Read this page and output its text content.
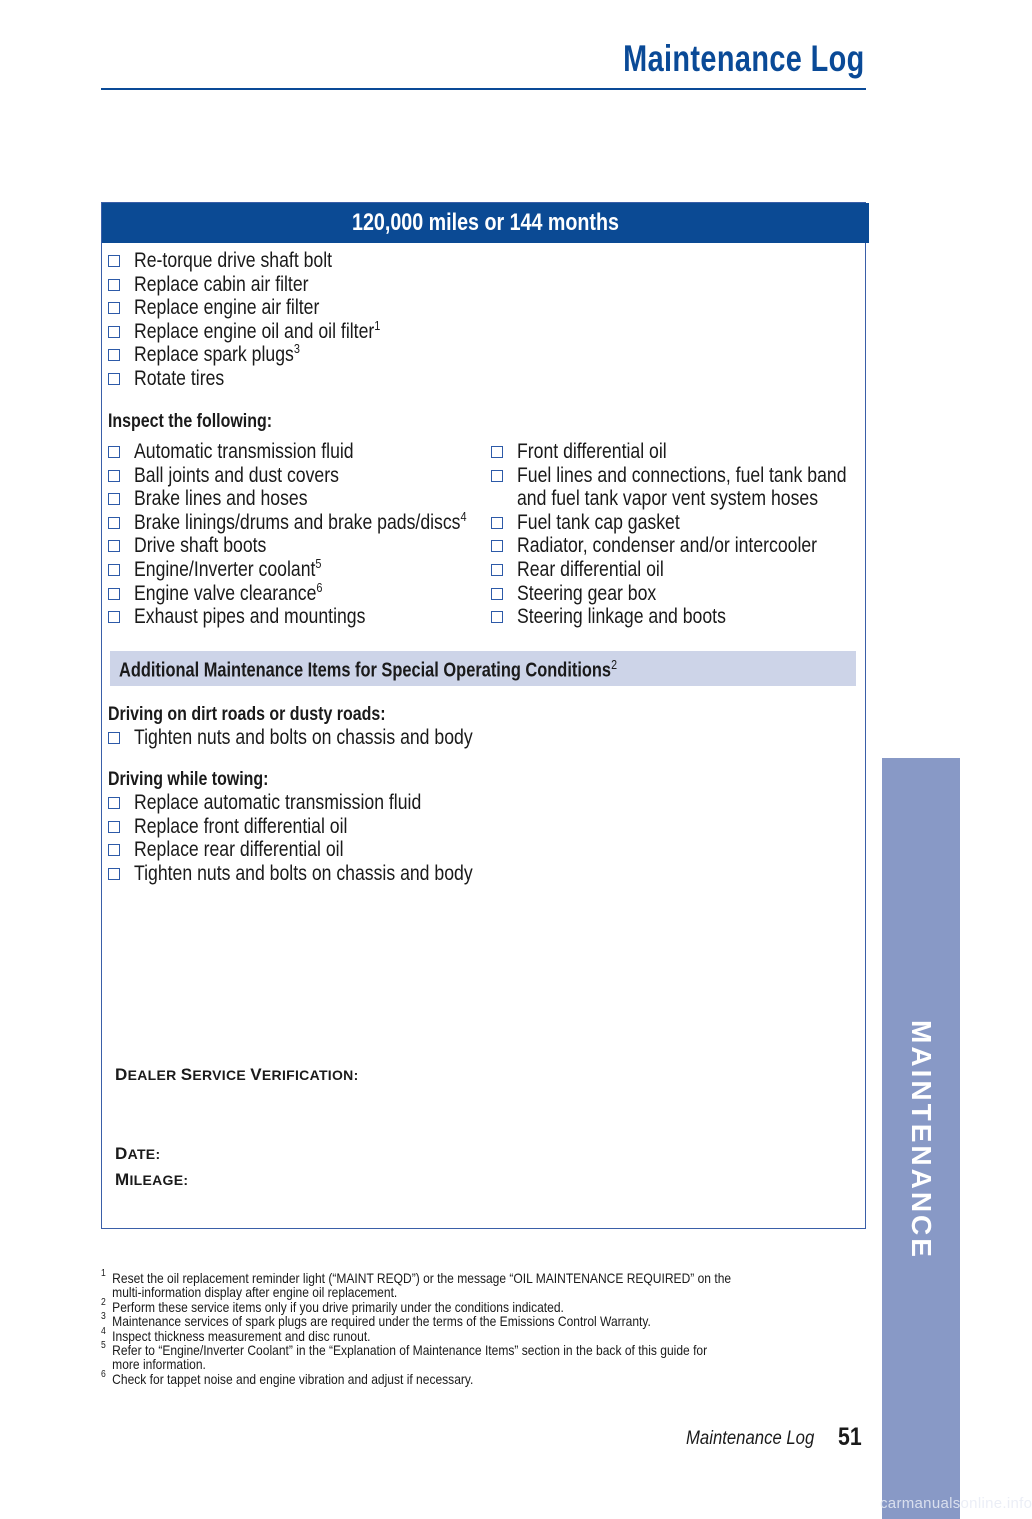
Maintenance Log
120,000 miles or 144 months
Re-torque drive shaft bolt
Replace cabin air filter
Replace engine air filter
Replace engine oil and oil filter$^1$
Replace spark plugs$^3$
Rotate tires
Automatic transmission fluid
Ball joints and dust covers
Brake lines and hoses
Brake linings/drums and brake pads/discs$^4$
Drive shaft boots
Engine/Inverter coolant$^5$
Engine valve clearance$^6$
Exhaust pipes and mountings
Front differential oil
Fuel lines and connections, fuel tank band
and fuel tank vapor vent system hoses
Fuel tank cap gasket
Radiator, condenser and/or intercooler
Rear differential oil
Steering gear box
Steering linkage and boots
Tighten nuts and bolts on chassis and body
Replace automatic transmission fluid
Replace front differential oil
Replace rear differential oil
Tighten nuts and bolts on chassis and body
Inspect the following:
Additional Maintenance Items for Special Operating Conditions$^2$
Driving on dirt roads or dusty roads:
Driving while towing:
DEALER SERVICE VERIFICATION:
DATE:
MILEAGE:
1 Reset the oil replacement reminder light (“MAINT REQD”) or the message “OIL MAINTENANCE REQUIRED” on the
multi-information display after engine oil replacement.
2 Perform these service items only if you drive primarily under the conditions indicated.
3 Maintenance services of spark plugs are required under the terms of the Emissions Control Warranty.
4 Inspect thickness measurement and disc runout.
5 Refer to “Engine/Inverter Coolant” in the “Explanation of Maintenance Items” section in the back of this guide for
more information.
6 Check for tappet noise and engine vibration and adjust if necessary.
Maintenance Log 51
MAINTENANCE
carmanualsonline.info
